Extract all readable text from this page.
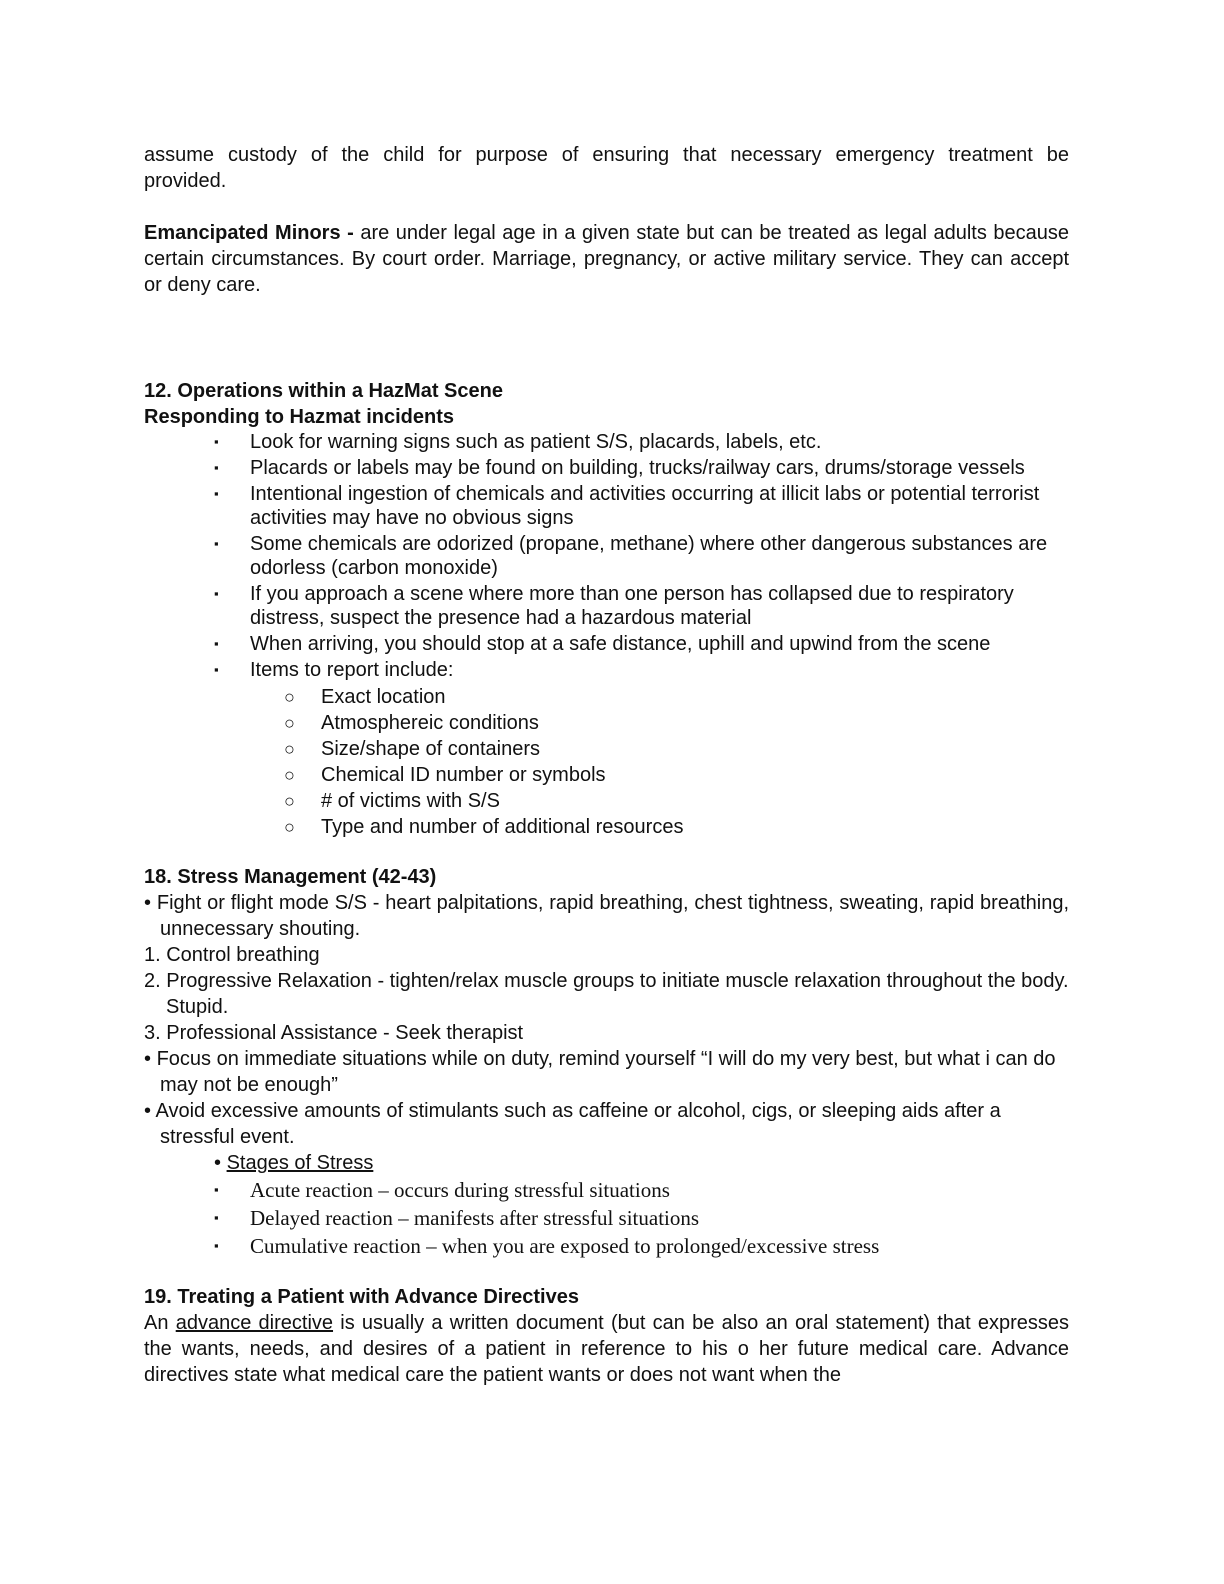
assume custody of the child for purpose of ensuring that necessary emergency treatment be

provided.

Emancipated Minors - are under legal age in a given state but can be treated as legal adults because certain circumstances. By court order. Marriage, pregnancy, or active military service. They can accept or deny care.

12. Operations within a HazMat Scene

Responding to Hazmat incidents

▪ Look for warning signs such as patient S/S, placards, labels, etc.
▪ Placards or labels may be found on building, trucks/railway cars, drums/storage vessels
▪ Intentional ingestion of chemicals and activities occurring at illicit labs or potential terrorist activities may have no obvious signs
▪ Some chemicals are odorized (propane, methane) where other dangerous substances are odorless (carbon monoxide)
▪ If you approach a scene where more than one person has collapsed due to respiratory distress, suspect the presence had a hazardous material
▪ When arriving, you should stop at a safe distance, uphill and upwind from the scene
▪ Items to report include:
○ Exact location
○ Atmosphereic conditions
○ Size/shape of containers
○ Chemical ID number or symbols
○ # of victims with S/S
○ Type and number of additional resources

18. Stress Management (42-43)

• Fight or flight mode S/S - heart palpitations, rapid breathing, chest tightness, sweating, rapid breathing, unnecessary shouting.
1. Control breathing
2. Progressive Relaxation - tighten/relax muscle groups to initiate muscle relaxation throughout the body. Stupid.
3. Professional Assistance - Seek therapist
• Focus on immediate situations while on duty, remind yourself “I will do my very best, but what i can do may not be enough”
• Avoid excessive amounts of stimulants such as caffeine or alcohol, cigs, or sleeping aids after a stressful event.
• Stages of Stress
▪ Acute reaction – occurs during stressful situations
▪ Delayed reaction – manifests after stressful situations
▪ Cumulative reaction – when you are exposed to prolonged/excessive stress

19. Treating a Patient with Advance Directives

An advance directive is usually a written document (but can be also an oral statement) that expresses the wants, needs, and desires of a patient in reference to his o her future medical care. Advance directives state what medical care the patient wants or does not want when the
